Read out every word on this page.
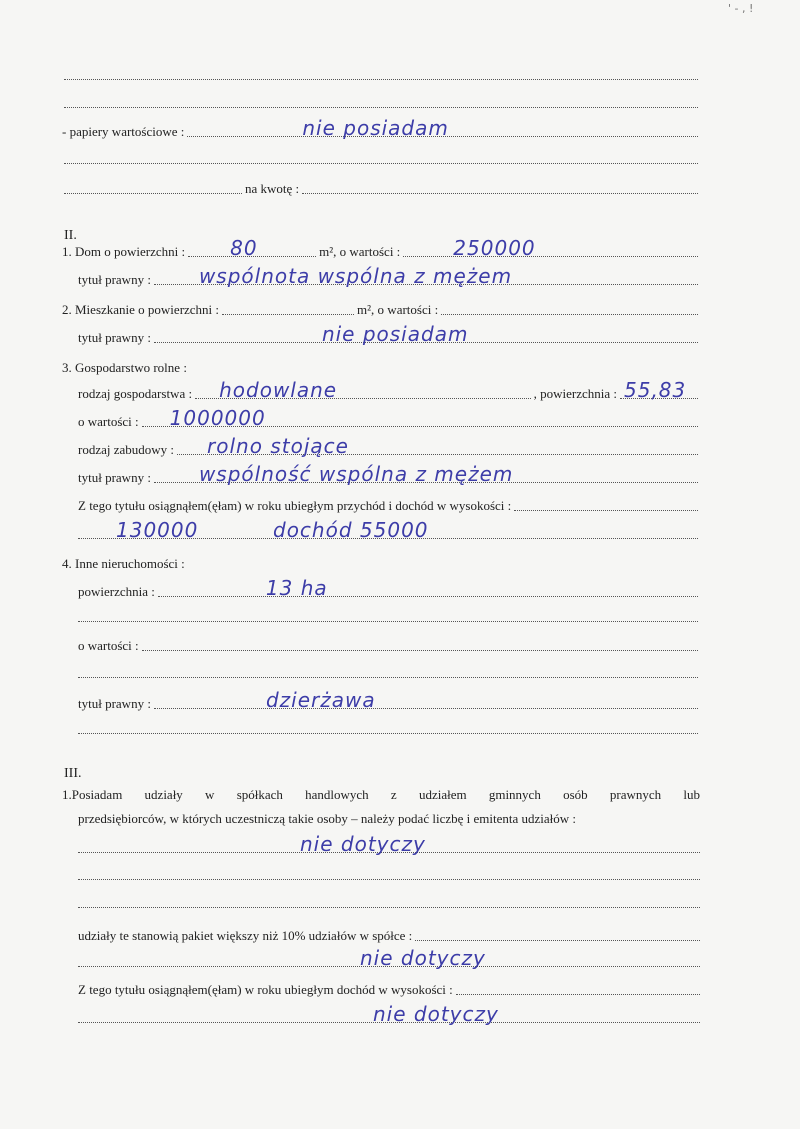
' - , !
- papiery wartościowe :	nie posiadam
na kwotę :
II.
1. Dom o powierzchni : 80	m², o wartości :	250000
tytuł prawny : wspólnota wspólna z mężem
2. Mieszkanie o powierzchni :	m², o wartości :
tytuł prawny :	nie posiadam
3. Gospodarstwo rolne :
rodzaj gospodarstwa : hodowlane	, powierzchnia : 55,83
o wartości : 1000000
rodzaj zabudowy : rolno stojące
tytuł prawny : wspólność wspólna z mężem
Z tego tytułu osiągnąłem(ęłam) w roku ubiegłym przychód i dochód w wysokości :
130000	dochód 55000
4. Inne nieruchomości :
powierzchnia :	13 ha
o wartości :
tytuł prawny :	dzierżawa
III.
1.Posiadam udziały w spółkach handlowych z udziałem gminnych osób prawnych lub
przedsiębiorców, w których uczestniczą takie osoby – należy podać liczbę i emitenta udziałów :
nie dotyczy
udziały te stanowią pakiet większy niż 10% udziałów w spółce :
nie dotyczy
Z tego tytułu osiągnąłem(ęłam) w roku ubiegłym dochód w wysokości :
nie dotyczy
